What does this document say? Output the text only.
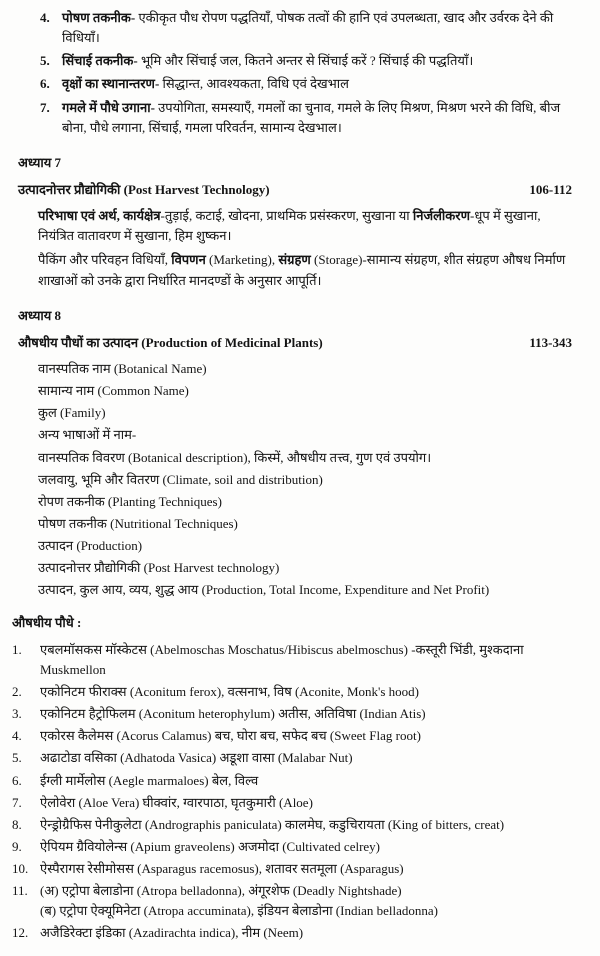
4. पोषण तकनीक- एकीकृत पौध रोपण पद्धतियाँ, पोषक तत्वों की हानि एवं उपलब्धता, खाद और उर्वरक देने की विधियाँ।
5. सिंचाई तकनीक- भूमि और सिंचाई जल, कितने अन्तर से सिंचाई करें ? सिंचाई की पद्धतियाँ।
6. वृक्षों का स्थानान्तरण- सिद्धान्त, आवश्यकता, विधि एवं देखभाल
7. गमले में पौधे उगाना- उपयोगिता, समस्याएँ, गमलों का चुनाव, गमले के लिए मिश्रण, मिश्रण भरने की विधि, बीज बोना, पौधे लगाना, सिंचाई, गमला परिवर्तन, सामान्य देखभाल।
अध्याय 7
उत्पादनोत्तर प्रौद्योगिकी (Post Harvest Technology)	106-112
परिभाषा एवं अर्थ, कार्यक्षेत्र-तुड़ाई, कटाई, खोदना, प्राथमिक प्रसंस्करण, सुखाना या निर्जलीकरण-धूप में सुखाना, नियंत्रित वातावरण में सुखाना, हिम शुष्कन।
पैकिंग और परिवहन विधियाँ, विपणन (Marketing), संग्रहण (Storage)-सामान्य संग्रहण, शीत संग्रहण औषध निर्माण शाखाओं को उनके द्वारा निर्धारित मानदण्डों के अनुसार आपूर्ति।
अध्याय 8
औषधीय पौधों का उत्पादन (Production of Medicinal Plants)	113-343
वानस्पतिक नाम (Botanical Name)
सामान्य नाम (Common Name)
कुल (Family)
अन्य भाषाओं में नाम-
वानस्पतिक विवरण (Botanical description), किस्में, औषधीय तत्त्व, गुण एवं उपयोग।
जलवायु, भूमि और वितरण (Climate, soil and distribution)
रोपण तकनीक (Planting Techniques)
पोषण तकनीक (Nutritional Techniques)
उत्पादन (Production)
उत्पादनोत्तर प्रौद्योगिकी (Post Harvest technology)
उत्पादन, कुल आय, व्यय, शुद्ध आय (Production, Total Income, Expenditure and Net Profit)
औषधीय पौधे :
1.	एबलमॉसकस मॉस्केटस (Abelmoschas Moschatus/Hibiscus abelmoschus) -कस्तूरी भिंडी, मुश्कदाना Muskmellon
2.	एकोनिटम फीराक्स (Aconitum ferox), वत्सनाभ, विष (Aconite, Monk's hood)
3.	एकोनिटम हैट्रोफिलम (Aconitum heterophylum) अतीस, अतिविषा (Indian Atis)
4.	एकोरस कैलेमस (Acorus Calamus) बच, घोरा बच, सफेद बच (Sweet Flag root)
5.	अढाटोडा वसिका (Adhatoda Vasica) अडूशा वासा (Malabar Nut)
6.	ईग्ली मार्मेलोस (Aegle marmaloes) बेल, विल्व
7.	ऐलोवेरा (Aloe Vera) घीक्वांर, ग्वारपाठा, घृतकुमारी (Aloe)
8.	ऐन्ड्रोग्रैफिस पेनीकुलेटा (Andrographis paniculata) कालमेघ, कडुचिरायता (King of bitters, creat)
9.	ऐपियम ग्रैवियोलेन्स (Apium graveolens) अजमोदा (Cultivated celrey)
10. ऐस्पैरागस रेसीमोसस (Asparagus racemosus), शतावर सतमूला (Asparagus)
11. (अ) एट्रोपा बेलाडोना (Atropa belladonna), अंगूरशेफ (Deadly Nightshade)
(ब) एट्रोपा ऐक्यूमिनेटा (Atropa accuminata), इंडियन बेलाडोना (Indian belladonna)
12. अजैडिरेक्टा इंडिका (Azadirachta indica), नीम (Neem)
